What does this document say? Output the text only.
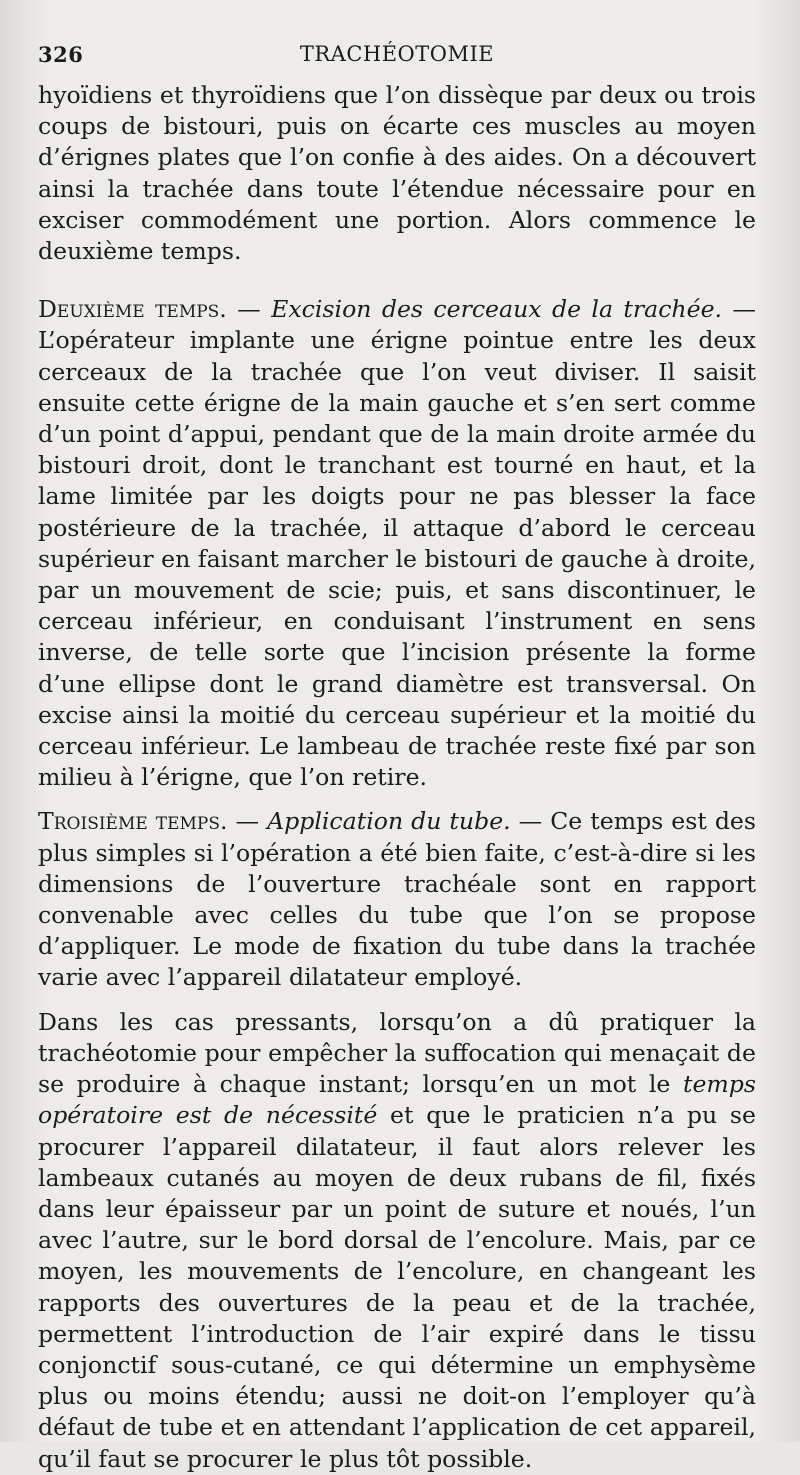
326	TRACHÉOTOMIE

hyoïdiens et thyroïdiens que l’on dissèque par deux ou trois coups de bistouri, puis on écarte ces muscles au moyen d’érignes plates que l’on confie à des aides. On a découvert ainsi la trachée dans toute l’étendue nécessaire pour en exciser commodément une portion. Alors commence le deuxième temps.

Deuxième temps. — Excision des cerceaux de la trachée. — L’opérateur implante une érigne pointue entre les deux cerceaux de la trachée que l’on veut diviser. Il saisit ensuite cette érigne de la main gauche et s’en sert comme d’un point d’appui, pendant que de la main droite armée du bistouri droit, dont le tranchant est tourné en haut, et la lame limitée par les doigts pour ne pas blesser la face postérieure de la trachée, il attaque d’abord le cerceau supérieur en faisant marcher le bistouri de gauche à droite, par un mouvement de scie; puis, et sans discontinuer, le cerceau inférieur, en conduisant l’instrument en sens inverse, de telle sorte que l’incision présente la forme d’une ellipse dont le grand diamètre est transversal. On excise ainsi la moitié du cerceau supérieur et la moitié du cerceau inférieur. Le lambeau de trachée reste fixé par son milieu à l’érigne, que l’on retire.

Troisième temps. — Application du tube. — Ce temps est des plus simples si l’opération a été bien faite, c’est-à-dire si les dimensions de l’ouverture trachéale sont en rapport convenable avec celles du tube que l’on se propose d’appliquer. Le mode de fixation du tube dans la trachée varie avec l’appareil dilatateur employé.

Dans les cas pressants, lorsqu’on a dû pratiquer la trachéotomie pour empêcher la suffocation qui menaçait de se produire à chaque instant; lorsqu’en un mot le temps opératoire est de nécessité et que le praticien n’a pu se procurer l’appareil dilatateur, il faut alors relever les lambeaux cutanés au moyen de deux rubans de fil, fixés dans leur épaisseur par un point de suture et noués, l’un avec l’autre, sur le bord dorsal de l’encolure. Mais, par ce moyen, les mouvements de l’encolure, en changeant les rapports des ouvertures de la peau et de la trachée, permettent l’introduction de l’air expiré dans le tissu conjonctif sous-cutané, ce qui détermine un emphysème plus ou moins étendu; aussi ne doit-on l’employer qu’à défaut de tube et en attendant l’application de cet appareil, qu’il faut se procurer le plus tôt possible.
